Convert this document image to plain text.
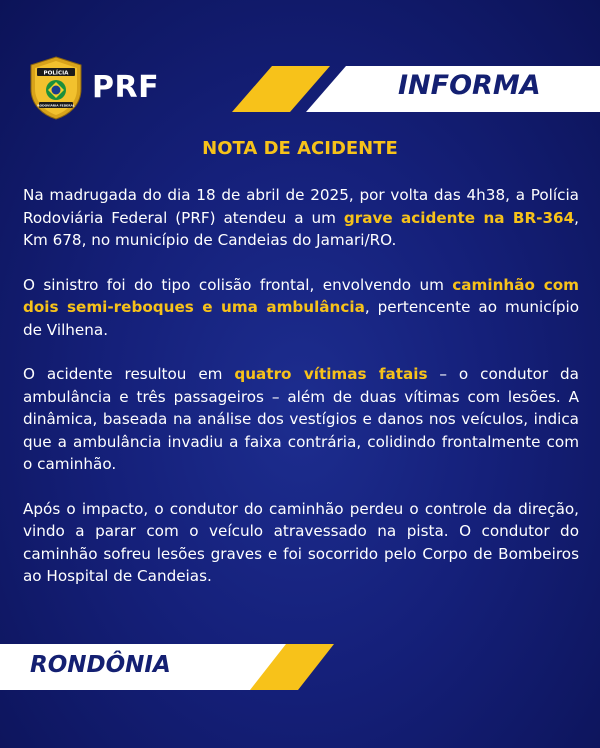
POLÍCIA
RODOVIÁRIA FEDERAL
PRF	INFORMA
NOTA DE ACIDENTE

Na madrugada do dia 18 de abril de 2025, por volta das 4h38, a Polícia Rodoviária Federal (PRF) atendeu a um grave acidente na BR-364, Km 678, no município de Candeias do Jamari/RO.

O sinistro foi do tipo colisão frontal, envolvendo um caminhão com dois semi-reboques e uma ambulância, pertencente ao município de Vilhena.

O acidente resultou em quatro vítimas fatais – o condutor da ambulância e três passageiros – além de duas vítimas com lesões. A dinâmica, baseada na análise dos vestígios e danos nos veículos, indica que a ambulância invadiu a faixa contrária, colidindo frontalmente com o caminhão.

Após o impacto, o condutor do caminhão perdeu o controle da direção, vindo a parar com o veículo atravessado na pista. O condutor do caminhão sofreu lesões graves e foi socorrido pelo Corpo de Bombeiros ao Hospital de Candeias.

RONDÔNIA
